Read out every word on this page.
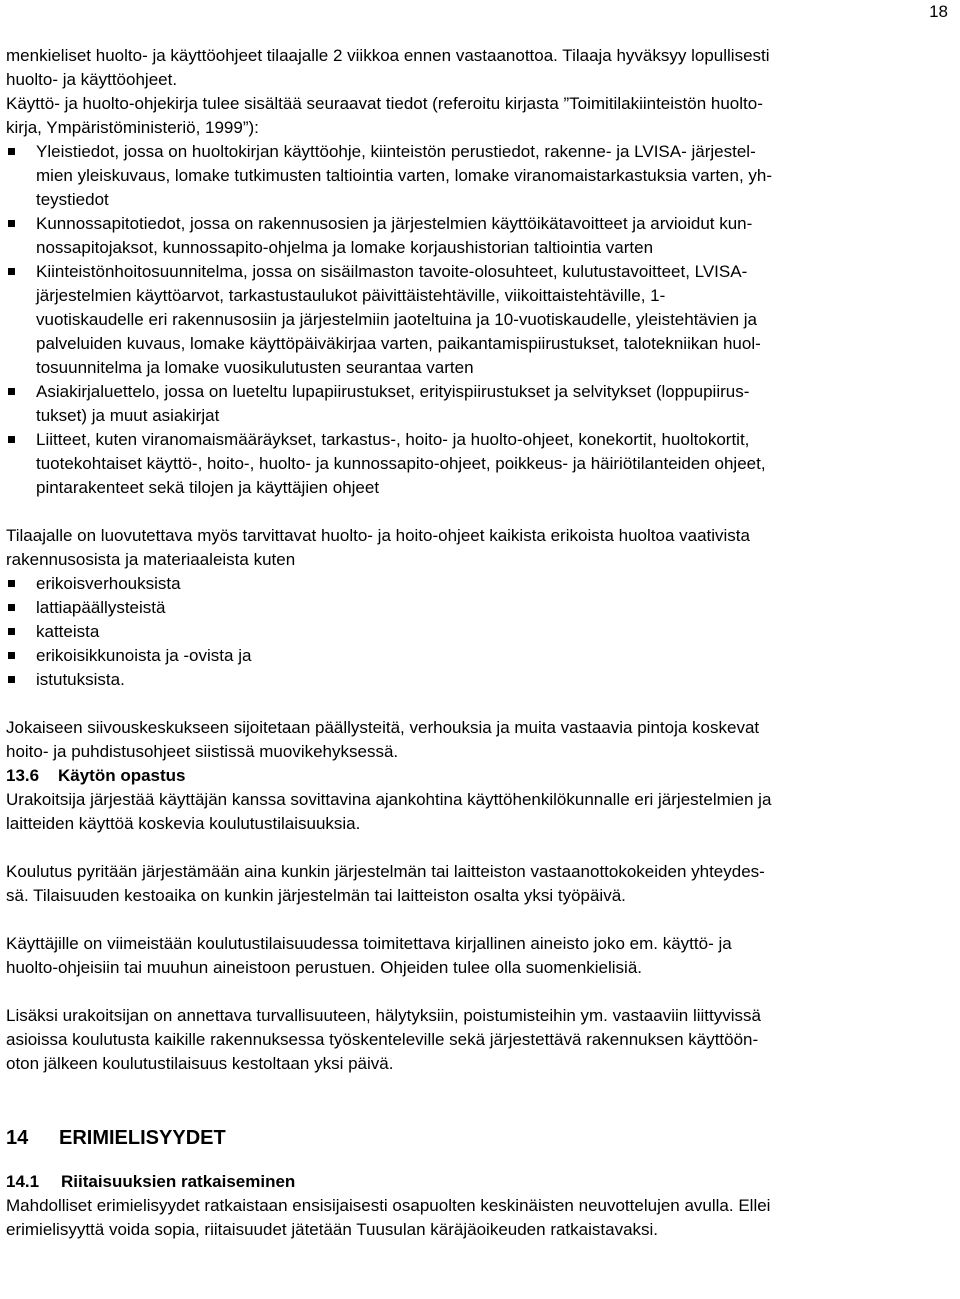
18

menkieliset huolto- ja käyttöohjeet tilaajalle 2 viikkoa ennen vastaanottoa. Tilaaja hyväksyy lopullisesti
huolto- ja käyttöohjeet.
Käyttö- ja huolto-ohjekirja tulee sisältää seuraavat tiedot (referoitu kirjasta ”Toimitilakiinteistön huolto-
kirja, Ympäristöministeriö, 1999”):

Yleistiedot, jossa on huoltokirjan käyttöohje, kiinteistön perustiedot, rakenne- ja LVISA- järjestel-
mien yleiskuvaus, lomake tutkimusten taltiointia varten, lomake viranomaistarkastuksia varten, yh-
teystiedot
Kunnossapitotiedot, jossa on rakennusosien ja järjestelmien käyttöikätavoitteet ja arvioidut kun-
nossapitojaksot, kunnossapito-ohjelma ja lomake korjaushistorian taltiointia varten
Kiinteistönhoitosuunnitelma, jossa on sisäilmaston tavoite-olosuhteet, kulutustavoitteet, LVISA-
järjestelmien käyttöarvot, tarkastustaulukot päivittäistehtäville, viikoittaistehtäville, 1-
vuotiskaudelle eri rakennusosiin ja järjestelmiin jaoteltuina ja 10-vuotiskaudelle, yleistehtävien ja
palveluiden kuvaus, lomake käyttöpäiväkirjaa varten, paikantamispiirustukset, talotekniikan huol-
tosuunnitelma ja lomake vuosikulutusten seurantaa varten
Asiakirjaluettelo, jossa on lueteltu lupapiirustukset, erityispiirustukset ja selvitykset (loppupiirus-
tukset) ja muut asiakirjat
Liitteet, kuten viranomaismääräykset, tarkastus-, hoito- ja huolto-ohjeet, konekortit, huoltokortit,
tuotekohtaiset käyttö-, hoito-, huolto- ja kunnossapito-ohjeet, poikkeus- ja häiriötilanteiden ohjeet,
pintarakenteet sekä tilojen ja käyttäjien ohjeet

Tilaajalle on luovutettava myös tarvittavat huolto- ja hoito-ohjeet kaikista erikoista huoltoa vaativista
rakennusosista ja materiaaleista kuten

erikoisverhouksista
lattiapäällysteistä
katteista
erikoisikkunoista ja -ovista ja
istutuksista.

Jokaiseen siivouskeskukseen sijoitetaan päällysteitä, verhouksia ja muita vastaavia pintoja koskevat
hoito- ja puhdistusohjeet siistissä muovikehyksessä.

13.6 Käytön opastus

Urakoitsija järjestää käyttäjän kanssa sovittavina ajankohtina käyttöhenkilökunnalle eri järjestelmien ja
laitteiden käyttöä koskevia koulutustilaisuuksia.

Koulutus pyritään järjestämään aina kunkin järjestelmän tai laitteiston vastaanottokokeiden yhteydes-
sä. Tilaisuuden kestoaika on kunkin järjestelmän tai laitteiston osalta yksi työpäivä.

Käyttäjille on viimeistään koulutustilaisuudessa toimitettava kirjallinen aineisto joko em. käyttö- ja
huolto-ohjeisiin tai muuhun aineistoon perustuen. Ohjeiden tulee olla suomenkielisiä.

Lisäksi urakoitsijan on annettava turvallisuuteen, hälytyksiin, poistumisteihin ym. vastaaviin liittyvissä
asioissa koulutusta kaikille rakennuksessa työskenteleville sekä järjestettävä rakennuksen käyttöön-
oton jälkeen koulutustilaisuus kestoltaan yksi päivä.

14 ERIMIELISYYDET
14.1 Riitaisuuksien ratkaiseminen

Mahdolliset erimielisyydet ratkaistaan ensisijaisesti osapuolten keskinäisten neuvottelujen avulla. Ellei
erimielisyyttä voida sopia, riitaisuudet jätetään Tuusulan käräjäoikeuden ratkaistavaksi.
